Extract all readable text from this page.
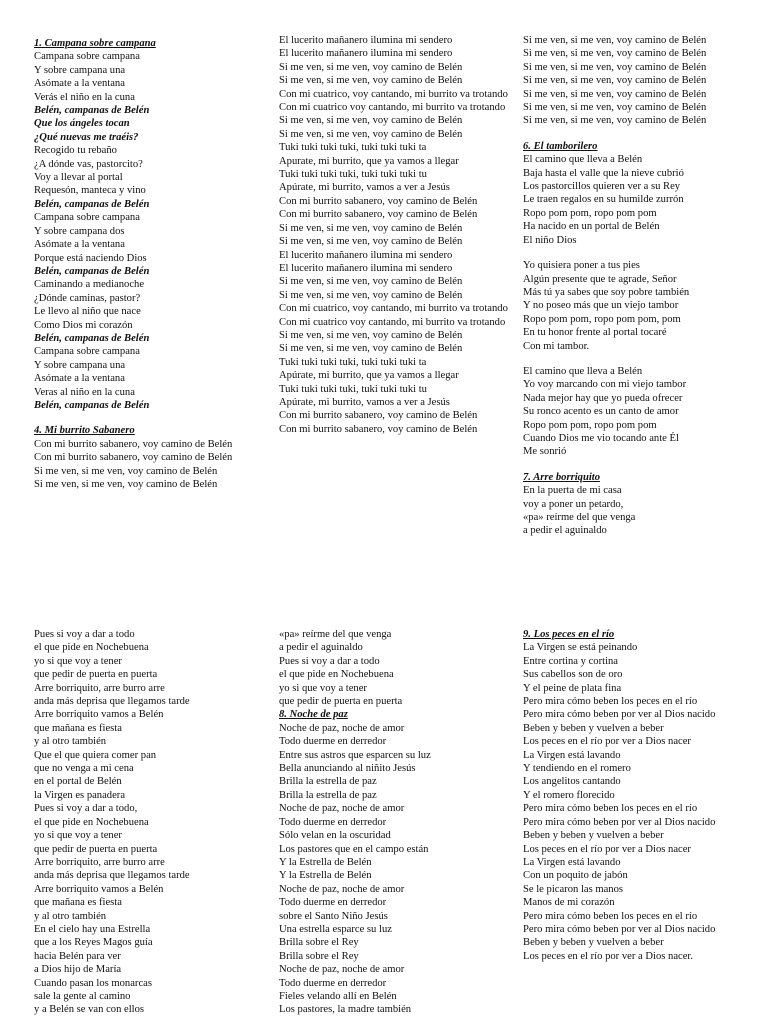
1. Campana sobre campana
Campana sobre campana
Y sobre campana una
Asómate a la ventana
Verás el niño en la cuna
Belén, campanas de Belén
Que los ángeles tocan
¿Qué nuevas me traéis?
Recogido tu rebaño
¿A dónde vas, pastorcito?
Voy a llevar al portal
Requesón, manteca y vino
Belén, campanas de Belén
Campana sobre campana
Y sobre campana dos
Asómate a la ventana
Porque está naciendo Dios
Belén, campanas de Belén
Caminando a medianoche
¿Dónde caminas, pastor?
Le llevo al niño que nace
Como Dios mi corazón
Belén, campanas de Belén
Campana sobre campana
Y sobre campana una
Asómate a la ventana
Veras al niño en la cuna
Belén, campanas de Belén
4. Mi burrito Sabanero
Con mi burrito sabanero, voy camino de Belén
Con mi burrito sabanero, voy camino de Belén
Si me ven, si me ven, voy camino de Belén
Si me ven, si me ven, voy camino de Belén
El lucerito mañanero ilumina mi sendero
El lucerito mañanero ilumina mi sendero
Si me ven, si me ven, voy camino de Belén
Si me ven, si me ven, voy camino de Belén
Con mi cuatrico, voy cantando, mi burrito va trotando
Con mi cuatrico voy cantando, mi burrito va trotando
Si me ven, si me ven, voy camino de Belén
Si me ven, si me ven, voy camino de Belén
Tuki tuki tuki tuki, tuki tuki tuki ta
Apurate, mi burrito, que ya vamos a llegar
Tuki tuki tuki tuki, tuki tuki tuki tu
Apúrate, mi burrito, vamos a ver a Jesús
Con mi burrito sabanero, voy camino de Belén
Con mi burrito sabanero, voy camino de Belén
Si me ven, si me ven, voy camino de Belén
Si me ven, si me ven, voy camino de Belén
El lucerito mañanero ilumina mi sendero
El lucerito mañanero ilumina mi sendero
Si me ven, si me ven, voy camino de Belén
Si me ven, si me ven, voy camino de Belén
Con mi cuatrico, voy cantando, mi burrito va trotando
Con mi cuatrico voy cantando, mi burrito va trotando
Si me ven, si me ven, voy camino de Belén
Si me ven, si me ven, voy camino de Belén
Tuki tuki tuki tuki, tuki tuki tuki ta
Apúrate, mi burrito, que ya vamos a llegar
Tuki tuki tuki tuki, tuki tuki tuki tu
Apúrate, mi burrito, vamos a ver a Jesús
Con mi burrito sabanero, voy camino de Belén
Con mi burrito sabanero, voy camino de Belén
Si me ven, si me ven, voy camino de Belén
Si me ven, si me ven, voy camino de Belén
Si me ven, si me ven, voy camino de Belén
Si me ven, si me ven, voy camino de Belén
Si me ven, si me ven, voy camino de Belén
Si me ven, si me ven, voy camino de Belén
Si me ven, si me ven, voy camino de Belén
6. El tamborilero
El camino que lleva a Belén
Baja hasta el valle que la nieve cubrió
Los pastorcillos quieren ver a su Rey
Le traen regalos en su humilde zurrón
Ropo pom pom, ropo pom pom
Ha nacido en un portal de Belén
El niño Dios
Yo quisiera poner a tus pies
Algún presente que te agrade, Señor
Más tú ya sabes que soy pobre también
Y no poseo más que un viejo tambor
Ropo pom pom, ropo pom pom, pom
En tu honor frente al portal tocaré
Con mi tambor.
El camino que lleva a Belén
Yo voy marcando con mi viejo tambor
Nada mejor hay que yo pueda ofrecer
Su ronco acento es un canto de amor
Ropo pom pom, ropo pom pom
Cuando Dios me vio tocando ante Él
Me sonrió
7. Arre borriquito
En la puerta de mi casa
voy a poner un petardo,
«pa» reírme del que venga
a pedir el aguinaldo
Pues si voy a dar a todo
el que pide en Nochebuena
yo si que voy a tener
que pedir de puerta en puerta
Arre borriquito, arre burro arre
anda más deprisa que llegamos tarde
Arre borriquito vamos a Belén
que mañana es fiesta
y al otro también
Que el que quiera comer pan
que no venga a mi cena
en el portal de Belén
la Virgen es panadera
Pues si voy a dar a todo,
el que pide en Nochebuena
yo si que voy a tener
que pedir de puerta en puerta
Arre borriquito, arre burro arre
anda más deprisa que llegamos tarde
Arre borriquito vamos a Belén
que mañana es fiesta
y al otro también
En el cielo hay una Estrella
que a los Reyes Magos guía
hacia Belén para ver
a Dios hijo de María
Cuando pasan los monarcas
sale la gente al camino
y a Belén se van con ellos
«pa» reírme del que venga
a pedir el aguinaldo
Pues si voy a dar a todo
el que pide en Nochebuena
yo si que voy a tener
que pedir de puerta en puerta
8. Noche de paz
Noche de paz, noche de amor
Todo duerme en derredor
Entre sus astros que esparcen su luz
Bella anunciando al niñito Jesús
Brilla la estrella de paz
Brilla la estrella de paz
Noche de paz, noche de amor
Todo duerme en derredor
Sólo velan en la oscuridad
Los pastores que en el campo están
Y la Estrella de Belén
Y la Estrella de Belén
Noche de paz, noche de amor
Todo duerme en derredor
sobre el Santo Niño Jesús
Una estrella esparce su luz
Brilla sobre el Rey
Brilla sobre el Rey
Noche de paz, noche de amor
Todo duerme en derredor
Fieles velando allí en Belén
Los pastores, la madre también
9. Los peces en el río
La Virgen se está peinando
Entre cortina y cortina
Sus cabellos son de oro
Y el peine de plata fina
Pero mira cómo beben los peces en el río
Pero mira cómo beben por ver al Dios nacido
Beben y beben y vuelven a beber
Los peces en el río por ver a Dios nacer
La Virgen está lavando
Y tendiendo en el romero
Los angelitos cantando
Y el romero florecido
Pero mira cómo beben los peces en el río
Pero mira cómo beben por ver al Dios nacido
Beben y beben y vuelven a beber
Los peces en el río por ver a Dios nacer
La Virgen está lavando
Con un poquito de jabón
Se le picaron las manos
Manos de mi corazón
Pero mira cómo beben los peces en el río
Pero mira cómo beben por ver al Dios nacido
Beben y beben y vuelven a beber
Los peces en el río por ver a Dios nacer.
